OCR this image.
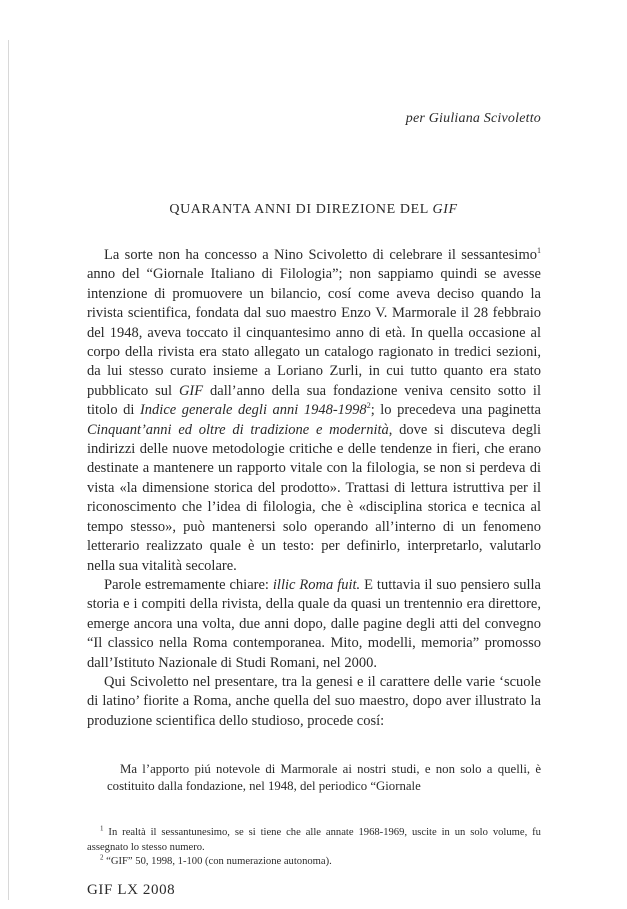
per Giuliana Scivoletto
QUARANTA ANNI DI DIREZIONE DEL GIF

La sorte non ha concesso a Nino Scivoletto di celebrare il sessantesimo$^1$ anno del “Giornale Italiano di Filologia”; non sappiamo quindi se avesse intenzione di promuovere un bilancio, cosí come aveva deciso quando la rivista scientifica, fondata dal suo maestro Enzo V. Marmorale il 28 febbraio del 1948, aveva toccato il cinquantesimo anno di età. In quella occasione al corpo della rivista era stato allegato un catalogo ragionato in tredici sezioni, da lui stesso curato insieme a Loriano Zurli, in cui tutto quanto era stato pubblicato sul GIF dall’anno della sua fondazione veniva censito sotto il titolo di Indice generale degli anni 1948-1998$^2$; lo precedeva una paginetta Cinquant’anni ed oltre di tradizione e modernità, dove si discuteva degli indirizzi delle nuove metodologie critiche e delle tendenze in fieri, che erano destinate a mantenere un rapporto vitale con la filologia, se non si perdeva di vista «la dimensione storica del prodotto». Trattasi di lettura istruttiva per il riconoscimento che l’idea di filologia, che è «disciplina storica e tecnica al tempo stesso», può mantenersi solo operando all’interno di un fenomeno letterario realizzato quale è un testo: per definirlo, interpretarlo, valutarlo nella sua vitalità secolare.

Parole estremamente chiare: illic Roma fuit. E tuttavia il suo pensiero sulla storia e i compiti della rivista, della quale da quasi un trentennio era direttore, emerge ancora una volta, due anni dopo, dalle pagine degli atti del convegno “Il classico nella Roma contemporanea. Mito, modelli, memoria” promosso dall’Istituto Nazionale di Studi Romani, nel 2000.

Qui Scivoletto nel presentare, tra la genesi e il carattere delle varie ‘scuole di latino’ fiorite a Roma, anche quella del suo maestro, dopo aver illustrato la produzione scientifica dello studioso, procede cosí:

Ma l’apporto piú notevole di Marmorale ai nostri studi, e non solo a quelli, è costituito dalla fondazione, nel 1948, del periodico “Giornale

$^1$ In realtà il sessantunesimo, se si tiene che alle annate 1968-1969, uscite in un solo volume, fu assegnato lo stesso numero.

$^2$ “GIF” 50, 1998, 1-100 (con numerazione autonoma).

GIF LX 2008
